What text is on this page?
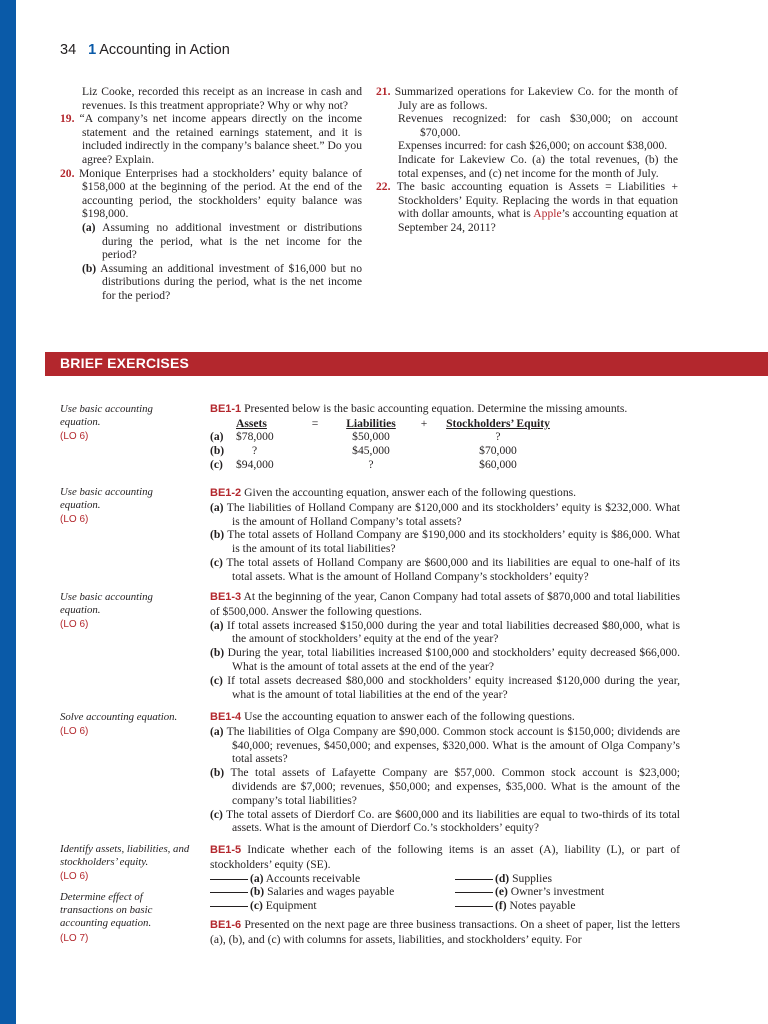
34 1 Accounting in Action

Liz Cooke, recorded this receipt as an increase in cash and revenues. Is this treatment appropriate? Why or why not?

19. “A company’s net income appears directly on the income statement and the retained earnings statement, and it is included indirectly in the company’s balance sheet.” Do you agree? Explain.

20. Monique Enterprises had a stockholders’ equity balance of $158,000 at the beginning of the period. At the end of the accounting period, the stockholders’ equity balance was $198,000.

(a) Assuming no additional investment or distributions during the period, what is the net income for the period?

(b) Assuming an additional investment of $16,000 but no distributions during the period, what is the net income for the period?

21. Summarized operations for Lakeview Co. for the month of July are as follows.

Revenues recognized: for cash $30,000; on account $70,000.

Expenses incurred: for cash $26,000; on account $38,000.

Indicate for Lakeview Co. (a) the total revenues, (b) the total expenses, and (c) net income for the month of July.

22. The basic accounting equation is Assets = Liabilities + Stockholders’ Equity. Replacing the words in that equation with dollar amounts, what is Apple’s accounting equation at September 24, 2011?

BRIEF EXERCISES
Use basic accounting equation.
(LO 6)
Use basic accounting equation.
(LO 6)
Use basic accounting equation.
(LO 6)
Solve accounting equation.
(LO 6)
Identify assets, liabilities, and stockholders’ equity.
(LO 6)
Determine effect of transactions on basic accounting equation.
(LO 7)

BE1-1 Presented below is the basic accounting equation. Determine the missing amounts.

	Assets	=	Liabilities	+	Stockholders’ Equity
(a)	$78,000		$50,000		?
(b)	?		$45,000		$70,000
(c)	$94,000		?		$60,000

BE1-2 Given the accounting equation, answer each of the following questions.

(a) The liabilities of Holland Company are $120,000 and its stockholders’ equity is $232,000. What is the amount of Holland Company’s total assets?

(b) The total assets of Holland Company are $190,000 and its stockholders’ equity is $86,000. What is the amount of its total liabilities?

(c) The total assets of Holland Company are $600,000 and its liabilities are equal to one-half of its total assets. What is the amount of Holland Company’s stockholders’ equity?

BE1-3 At the beginning of the year, Canon Company had total assets of $870,000 and total liabilities of $500,000. Answer the following questions.

(a) If total assets increased $150,000 during the year and total liabilities decreased $80,000, what is the amount of stockholders’ equity at the end of the year?

(b) During the year, total liabilities increased $100,000 and stockholders’ equity decreased $66,000. What is the amount of total assets at the end of the year?

(c) If total assets decreased $80,000 and stockholders’ equity increased $120,000 during the year, what is the amount of total liabilities at the end of the year?

BE1-4 Use the accounting equation to answer each of the following questions.

(a) The liabilities of Olga Company are $90,000. Common stock account is $150,000; dividends are $40,000; revenues, $450,000; and expenses, $320,000. What is the amount of Olga Company’s total assets?

(b) The total assets of Lafayette Company are $57,000. Common stock account is $23,000; dividends are $7,000; revenues, $50,000; and expenses, $35,000. What is the amount of the company’s total liabilities?

(c) The total assets of Dierdorf Co. are $600,000 and its liabilities are equal to two-thirds of its total assets. What is the amount of Dierdorf Co.’s stockholders’ equity?

BE1-5 Indicate whether each of the following items is an asset (A), liability (L), or part of stockholders’ equity (SE).

(a) Accounts receivable	(d) Supplies
(b) Salaries and wages payable	(e) Owner’s investment
(c) Equipment	(f) Notes payable

BE1-6 Presented on the next page are three business transactions. On a sheet of paper, list the letters (a), (b), and (c) with columns for assets, liabilities, and stockholders’ equity. For
